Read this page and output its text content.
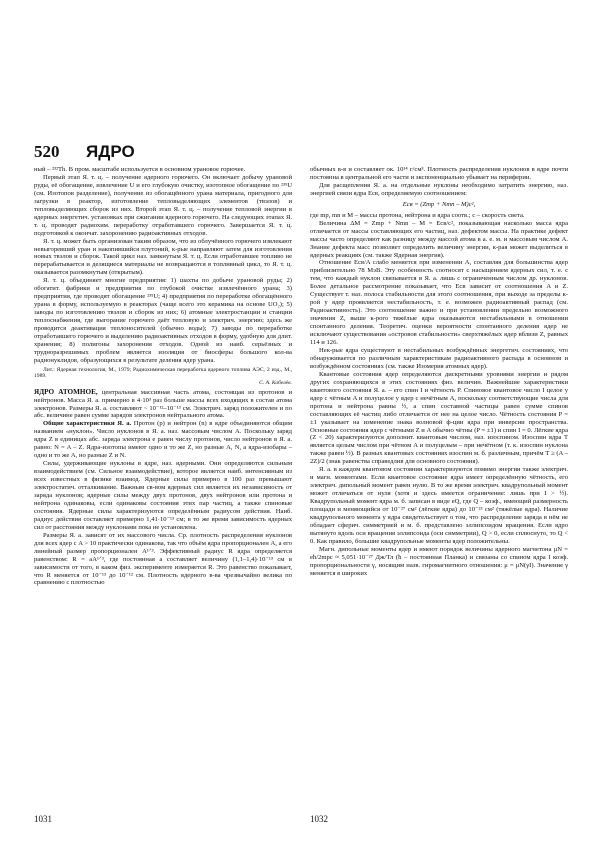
520 ЯДРО

ный – ²³²Th. В пром. масштабе используется в основном урановое горючее.

Первый этап Я. т. ц. – получение ядерного горючего. Он включает добычу урановой руды, её обогащение, извлечение U и его глубокую очистку, изотопное обогащение по ²³⁵U (см. Изотопов разделение), получение из обогащённого урана материала, пригодного для загрузки в реактор, изготовление тепловыделяющих элементов (твэлов) и тепловыделяющих сборок из них. Второй этап Я. т. ц. – получение тепловой энергии в ядерных энергетич. установках при сжигании ядерного горючего. На следующих этапах Я. т. ц. проводят радиохим. переработку отработавшего горючего. Завершается Я. т. ц. подготовкой к окончат. захоронению радиоактивных отходов.

Я. т. ц. может быть организован таким образом, что из облучённого горючего извлекают невыгоревший уран и накопившийся плутоний, к-рые направляют затем для изготовления новых твэлов и сборок. Такой цикл наз. замкнутым Я. т. ц. Если отработавшее топливо не перерабатывается и делящиеся материалы не возвращаются в топливный цикл, то Я. т. ц. оказывается разомкнутым (открытым).

Я. т. ц. объединяет многие предприятия: 1) шахты по добыче урановой руды; 2) обогатит. фабрики и предприятия по глубокой очистке извлечённого урана; 3) предприятия, где проводят обогащение ²³⁵U; 4) предприятия по переработке обогащённого урана в форму, используемую в реакторах (чаще всего это керамика на основе UO₂); 5) заводы по изготовлению твэлов и сборок из них; 6) атомные электростанции и станции теплоснабжения, где выгорание горючего даёт тепловую и электрич. энергию; здесь же проводится деактивация теплоносителей (обычно воды); 7) заводы по переработке отработавшего горючего и выделению радиоактивных отходов в форму, удобную для длит. хранения; 8) полигоны захоронения отходов. Одной из наиб. серьёзных и трудноразрешимых проблем является изоляция от биосферы большого кол-ва радионуклидов, образующихся в результате деления ядер урана.

Лит.: Ядерная технология, М., 1979; Радиохимическая переработка ядерного топлива АЭС, 2 изд., М., 1989.
С. А. Кобелёв.

ЯДРО АТОМНОЕ, центральная массивная часть атома, состоящая из протонов и нейтронов. Масса Я. а. примерно в 4·10³ раз больше массы всех входящих в состав атома электронов. Размеры Я. а. составляют ~ 10⁻¹²–10⁻¹³ см. Электрич. заряд положителен и по абс. величине равен сумме зарядов электронов нейтрального атома.

Общие характеристики Я. а. Протон (p) и нейтрон (n) в ядре объединяются общим названием «нуклон». Число нуклонов в Я. а. наз. массовым числом A. Поскольку заряд ядра Z в единицах абс. заряда электрона е равен числу протонов, число нейтронов в Я. а. равно: N = A – Z. Ядра-изотопы имеют одно и то же Z, но разные A, N, а ядра-изобары – одно и то же A, но разные Z и N.

Силы, удерживающие нуклоны в ядре, наз. ядерными. Они определяются сильным взаимодействием (см. Сильное взаимодействие), которое является наиб. интенсивным из всех известных в физике взаимод. Ядерные силы примерно в 100 раз превышают электростатич. отталкивание. Важным св-вом ядерных сил является их независимость от заряда нуклонов; ядерные силы между двух протонов, двух нейтронов или протона и нейтрона одинаковы, если одинаковы состояния этих пар частиц, а также спиновые состояния. Ядерные силы характеризуются определённым радиусом действия. Наиб. радиус действия составляет примерно 1,41·10⁻¹³ см; в то же время зависимость ядерных сил от расстояния между нуклонами пока не установлена.

Размеры Я. а. зависят от их массового числа. Ср. плотность распределения нуклонов для всех ядер с A > 10 практически одинакова, так что объём ядра пропорционален A, а его линейный размер пропорционален A¹ᐟ³. Эффективный радиус R ядра определяется равенством: R = aA¹ᐟ³, где постоянная a составляет величину (1,1–1,4)·10⁻¹³ см в зависимости от того, в каком физ. эксперименте измеряется R. Это равенство показывает, что R меняется от 10⁻¹³ до 10⁻¹² см. Плотность ядерного в-ва чрезвычайно велика по сравнению с плотностью

обычных в-в и составляет ок. 10¹⁴ г/см³. Плотность распределения нуклонов в ядре почти постоянна в центральной его части и экспоненциально убывает на периферии.

Для расщепления Я. а. на отдельные нуклоны необходимо затратить энергию, наз. энергией связи ядра Eсв, определяемую соотношением:

Eсв = (Zmp + Nmn – M)c²,

где mp, mn и M – массы протона, нейтрона и ядра соотв.; c – скорость света.

Величина ΔM = Zmp + Nmn – M = Eсв/c², показывающая насколько масса ядра отличается от массы составляющих его частиц, наз. дефектом массы. На практике дефект массы часто определяют как разницу между массой атома в а. е. м. и массовым числом A. Знание дефекта масс позволяет определить величину энергии, к-рая может выделиться в ядерных реакциях (см. также Ядерная энергия).

Отношение Eсв/A слабо меняется при изменении A, составляя для большинства ядер приблизительно 78 МэВ. Эту особенность соотносят с насыщением ядерных сил, т. е. с тем, что каждый нуклон связывается в Я. а. лишь с ограниченным числом др. нуклонов. Более детальное рассмотрение показывает, что Eсв зависит от соотношения A и Z. Существует т. наз. полоса стабильности для этого соотношения, при выходе за пределы к-рой у ядер проявляется нестабильность, т. е. возможен радиоактивный распад (см. Радиоактивность). Это соотношение важно и при установлении предельно возможного значения Z, выше к-рого тяжёлые ядра оказываются нестабильными в отношении спонтанного деления. Теоретич. оценки вероятности спонтанного деления ядер не исключают существования «островов стабильности» сверхтяжёлых ядер вблизи Z, равных 114 и 126.

Нек-рые ядра существуют в нестабильных возбуждённых энергетич. состояниях, что обнаруживается по различным характеристикам радиоактивного распада в основном и возбуждённом состояниях (см. также Изомерия атомных ядер).

Квантовые состояния ядер определяются дискретными уровнями энергии и рядом других сохраняющихся в этих состояниях физ. величин. Важнейшие характеристики квантового состояния Я. а. – его спин I и чётность P. Спиновое квантовое число I целое у ядер с чётным A и полуцелое у ядер с нечётным A, поскольку соответствующие числа для протона и нейтрона равны ½, а спин составной частицы равен сумме спинов составляющих её частиц либо отличается от нее на целое число. Чётность состояния P = ±1 указывает на изменение знака волновой ф-ции ядра при инверсии пространства. Основные состояния ядер с чётными Z и A обычно чётны (P = ±1) и спин I = 0. Лёгкие ядра (Z < 20) характеризуются дополнит. квантовым числом, наз. изоспином. Изоспин ядра T является целым числом при чётном A и полуцелым – при нечётном (т. к. изоспин нуклона также равен ½). В разных квантовых состояниях изоспин м. б. различным, причём T ≥ (A – 2Z)/2 (знак равенства справедлив для основного состояния).

Я. а. в каждом квантовом состоянии характеризуются помимо энергии также электрич. и магн. моментами. Если квантовое состояние ядра имеет определённую чётность, его электрич. дипольный момент равен нулю. В то же время электрич. квадрупольный момент может отличаться от нуля (хотя и здесь имеется ограничение: лишь при I > ½). Квадрупольный момент ядра м. б. записан в виде eQ, где Q – коэф., имеющий размерность площади и меняющийся от 10⁻²⁷ см² (лёгкие ядра) до 10⁻²³ см² (тяжёлые ядра). Наличие квадрупольного момента у ядра свидетельствует о том, что распределение заряда в нём не обладает сферич. симметрией и м. б. представлено эллипсоидом вращения. Если ядро вытянуто вдоль оси вращения эллипсоида (оси симметрии), Q > 0, если сплюснуто, то Q < 0. Как правило, большие квадрупольные моменты ядер положительны.

Магн. дипольные моменты ядер и имеют порядок величины ядерного магнетона μN = eħ/2mpc ≈ 5,051·10⁻²⁷ Дж/Тл (ħ – постоянная Планка) и связаны со спином ядра I коэф. пропорциональности γ, носящим назв. гиромагнитного отношения: μ = μN(γI). Значение γ меняется в широких

1031	1032
